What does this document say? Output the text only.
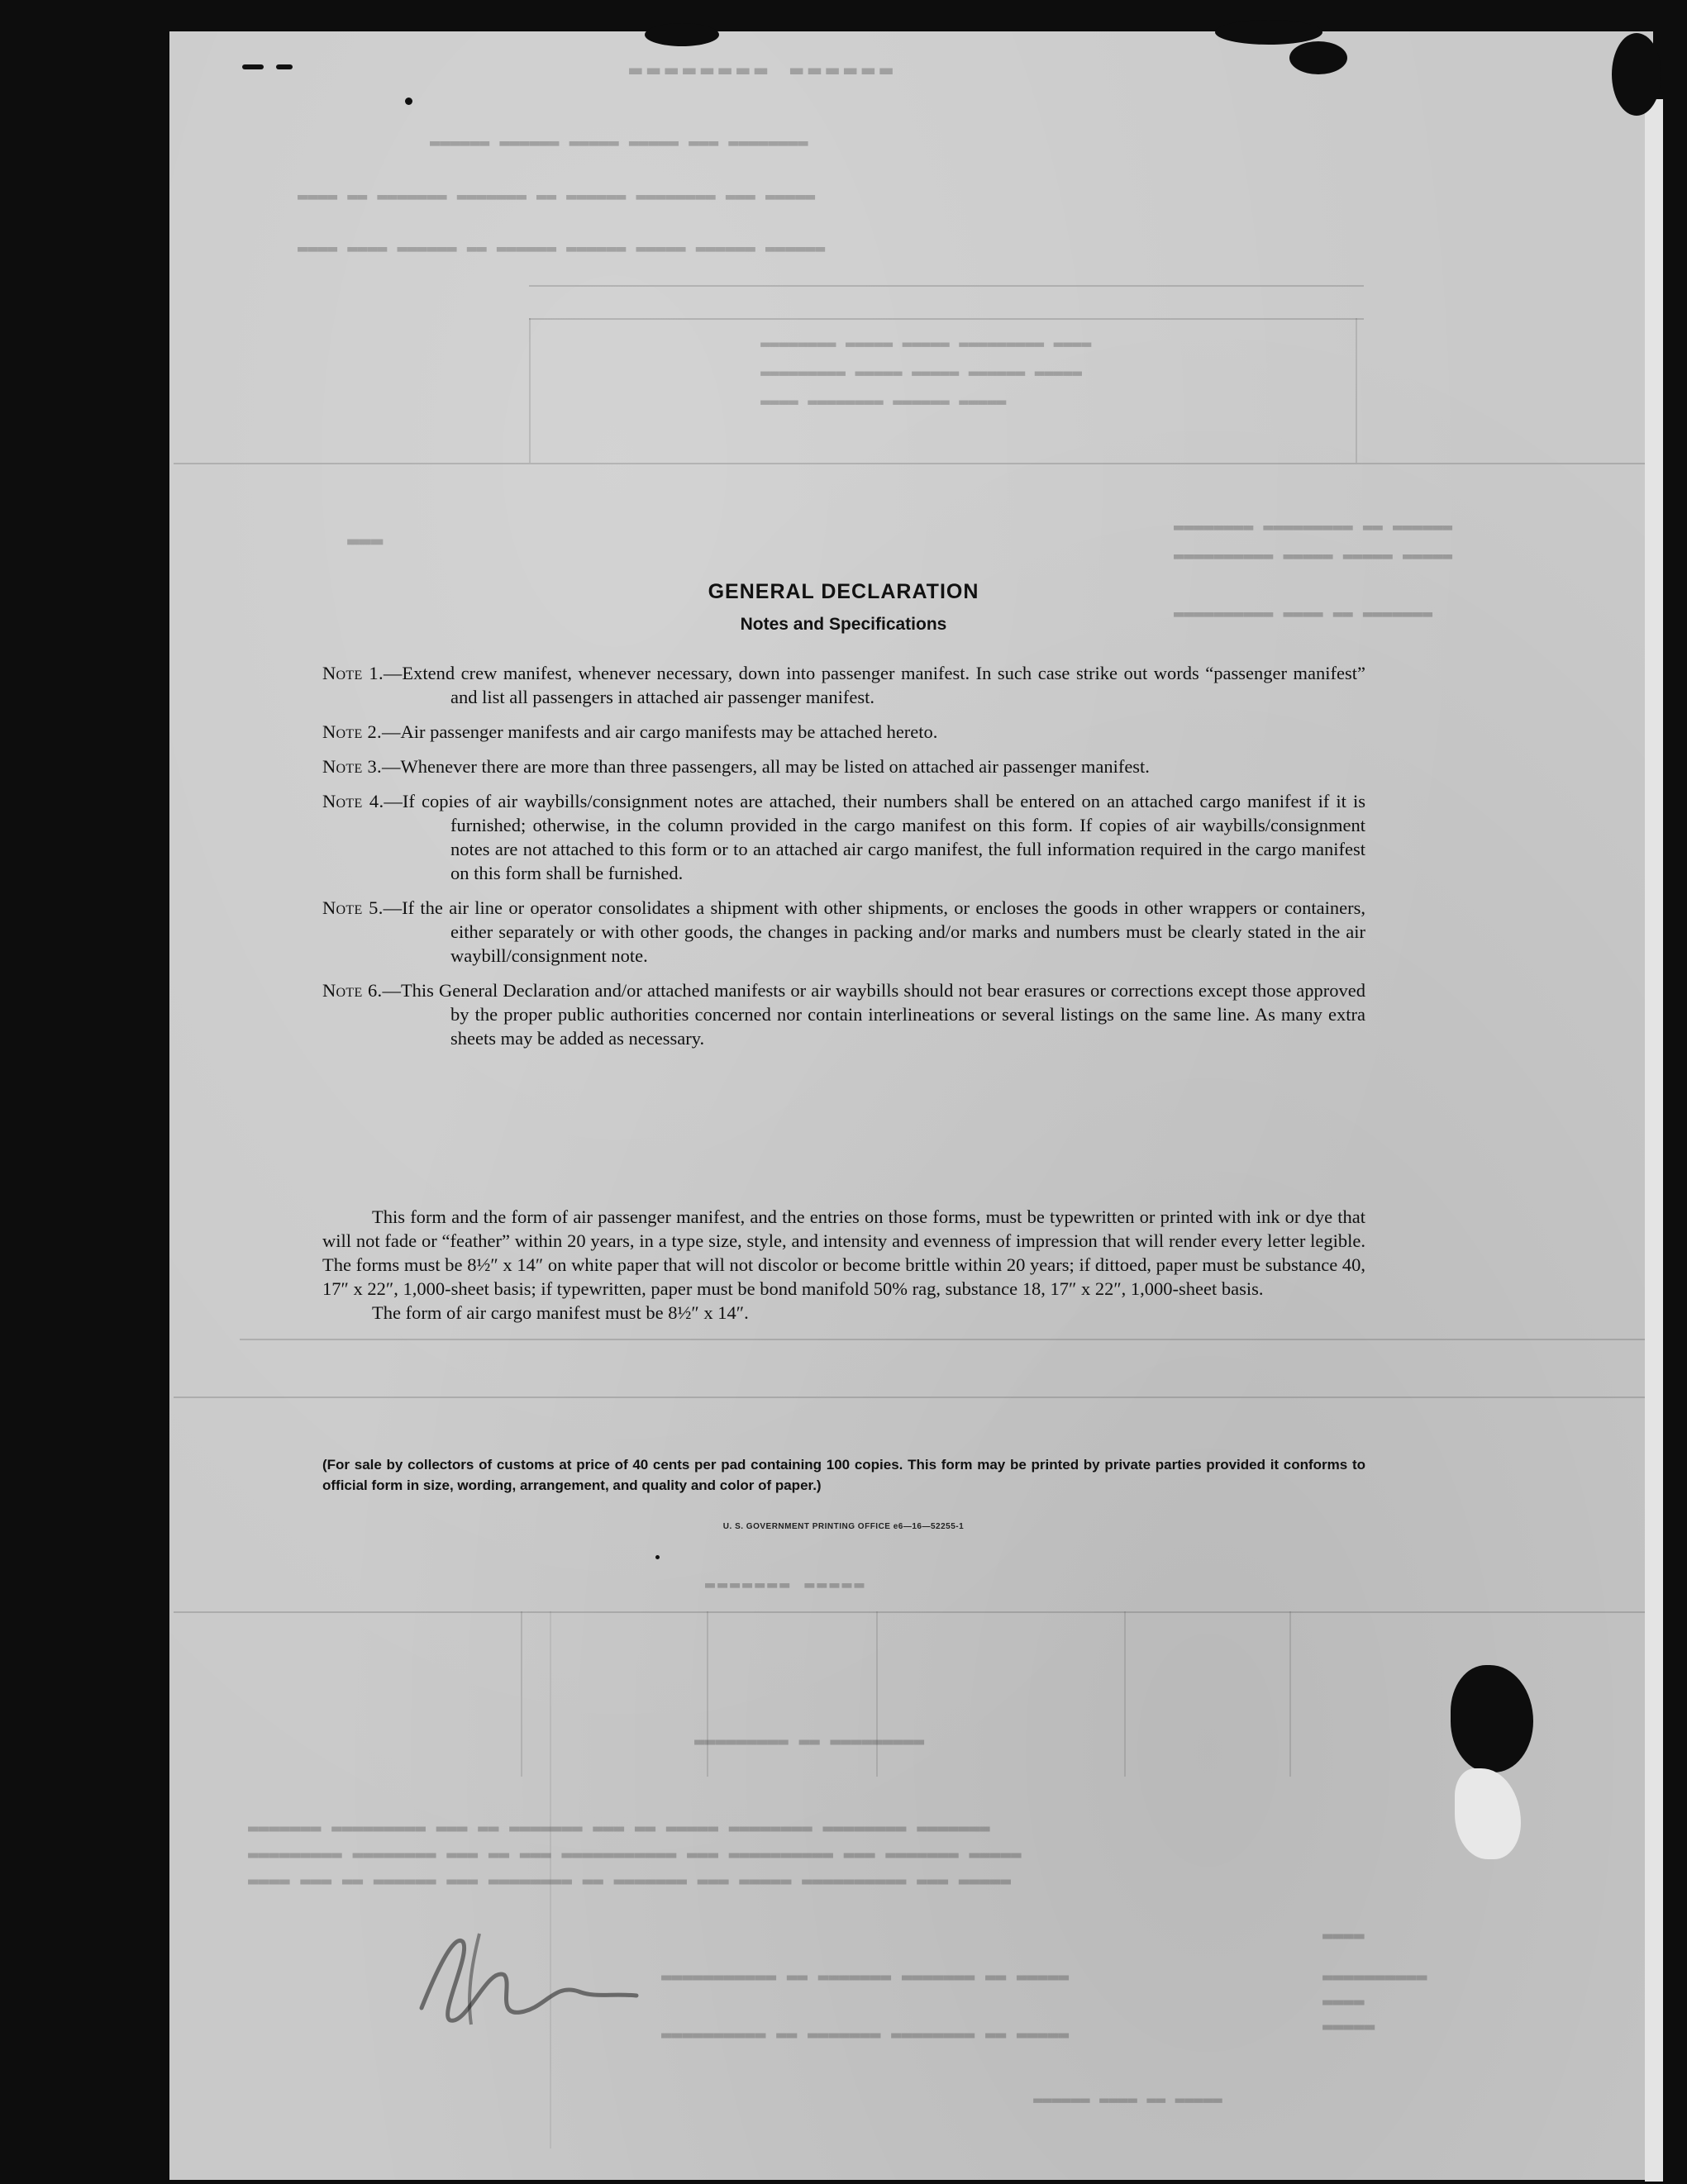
▬▬▬▬▬▬ ▬▬▬▬▬▬▬▬
▬▬▬▬▬▬▬▬ ▬▬▬ ▬▬▬▬▬ ▬▬▬▬▬ ▬▬▬▬▬▬ ▬▬▬▬▬▬
▬▬▬▬▬ ▬▬▬ ▬▬▬▬▬▬▬▬ ▬▬▬▬▬▬ ▬▬ ▬▬▬▬▬▬▬ ▬▬▬▬▬▬▬ ▬▬ ▬▬▬▬
▬▬▬▬▬▬ ▬▬▬▬▬▬ ▬▬▬▬▬ ▬▬▬▬▬▬ ▬▬▬▬▬▬ ▬▬ ▬▬▬▬▬▬ ▬▬▬▬ ▬▬▬▬
▬▬▬▬ ▬▬▬▬▬▬▬▬▬ ▬▬▬▬▬ ▬▬▬▬▬ ▬▬▬▬▬▬▬▬
▬▬▬▬▬ ▬▬▬▬▬▬ ▬▬▬▬▬ ▬▬▬▬▬ ▬▬▬▬▬▬▬▬▬
▬▬▬▬▬ ▬▬▬▬▬▬ ▬▬▬▬▬▬▬▬ ▬▬▬▬
▬▬▬▬▬▬ ▬▬ ▬▬▬▬▬▬▬▬▬ ▬▬▬▬▬▬▬▬
▬▬▬▬▬ ▬▬▬▬▬ ▬▬▬▬▬ ▬▬▬▬▬▬▬▬▬▬
▬▬▬▬▬▬▬ ▬▬ ▬▬▬▬ ▬▬▬▬▬▬▬▬▬▬
▬▬▬
▬▬▬▬▬ ▬▬▬▬▬▬▬
▬▬▬▬▬▬▬▬▬ ▬▬ ▬▬▬▬▬▬▬▬▬
▬▬▬▬▬▬▬ ▬▬▬▬▬▬▬▬ ▬▬▬▬▬▬▬▬ ▬▬▬▬▬ ▬▬ ▬▬▬ ▬▬▬▬▬▬▬ ▬▬ ▬▬▬ ▬▬▬▬▬▬▬▬▬ ▬▬▬▬▬▬▬
▬▬▬▬▬ ▬▬▬▬▬▬▬ ▬▬▬ ▬▬▬▬▬▬▬▬▬▬ ▬▬▬ ▬▬▬▬▬▬▬▬▬▬▬ ▬▬▬ ▬▬ ▬▬▬ ▬▬▬▬▬▬▬▬ ▬▬▬▬▬▬▬▬▬
▬▬▬▬▬ ▬▬▬ ▬▬▬▬▬▬▬▬▬▬ ▬▬▬▬▬ ▬▬▬ ▬▬▬▬▬▬▬ ▬▬ ▬▬▬▬▬▬▬▬ ▬▬▬ ▬▬▬▬▬▬ ▬▬ ▬▬▬ ▬▬▬▬
▬▬▬▬▬ ▬▬ ▬▬▬▬▬▬▬ ▬▬▬▬▬▬▬ ▬▬ ▬▬▬▬▬▬▬▬▬▬▬
▬▬▬▬▬ ▬▬ ▬▬▬▬▬▬▬▬ ▬▬▬▬▬▬▬ ▬▬ ▬▬▬▬▬▬▬▬▬▬
▬▬▬▬▬ ▬▬ ▬▬▬▬ ▬▬▬▬▬▬
▬▬▬▬
▬▬▬▬▬▬▬▬▬▬
▬▬▬▬
▬▬▬▬▬
GENERAL DECLARATION
Notes and Specifications
Note 1.—Extend crew manifest, whenever necessary, down into passenger manifest. In such case strike out words “passenger manifest” and list all passengers in attached air passenger manifest.
Note 2.—Air passenger manifests and air cargo manifests may be attached hereto.
Note 3.—Whenever there are more than three passengers, all may be listed on attached air passenger manifest.
Note 4.—If copies of air waybills/consignment notes are attached, their numbers shall be entered on an attached cargo manifest if it is furnished; otherwise, in the column provided in the cargo manifest on this form. If copies of air waybills/consignment notes are not attached to this form or to an attached air cargo manifest, the full information required in the cargo manifest on this form shall be furnished.
Note 5.—If the air line or operator consolidates a shipment with other shipments, or encloses the goods in other wrappers or containers, either separately or with other goods, the changes in packing and/or marks and numbers must be clearly stated in the air waybill/consignment note.
Note 6.—This General Declaration and/or attached manifests or air waybills should not bear erasures or corrections except those approved by the proper public authorities concerned nor contain interlineations or several listings on the same line. As many extra sheets may be added as necessary.

This form and the form of air passenger manifest, and the entries on those forms, must be typewritten or printed with ink or dye that will not fade or “feather” within 20 years, in a type size, style, and intensity and evenness of impression that will render every letter legible. The forms must be 8½″ x 14″ on white paper that will not discolor or become brittle within 20 years; if dittoed, paper must be substance 40, 17″ x 22″, 1,000-sheet basis; if typewritten, paper must be bond manifold 50% rag, substance 18, 17″ x 22″, 1,000-sheet basis.

The form of air cargo manifest must be 8½″ x 14″.

(For sale by collectors of customs at price of 40 cents per pad containing 100 copies. This form may be printed by private parties provided it conforms to official form in size, wording, arrangement, and quality and color of paper.)
U. S. GOVERNMENT PRINTING OFFICE e6—16—52255-1
